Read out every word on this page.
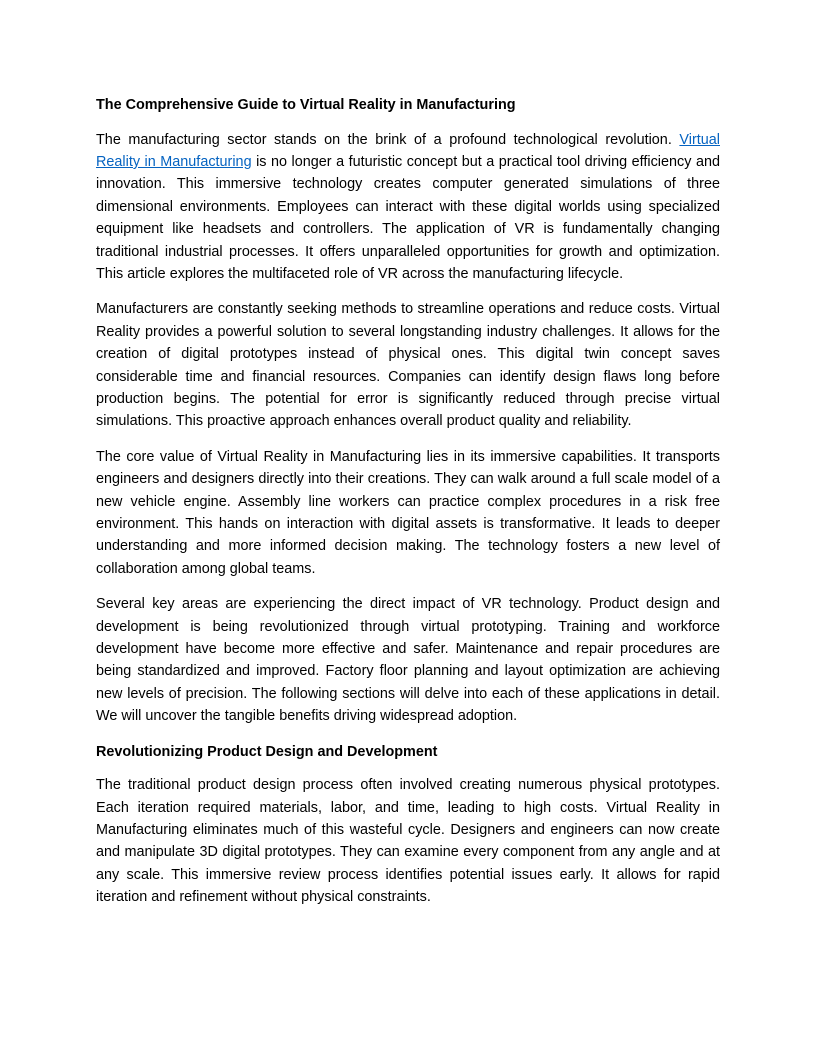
The Comprehensive Guide to Virtual Reality in Manufacturing

The manufacturing sector stands on the brink of a profound technological revolution. Virtual Reality in Manufacturing is no longer a futuristic concept but a practical tool driving efficiency and innovation. This immersive technology creates computer generated simulations of three dimensional environments. Employees can interact with these digital worlds using specialized equipment like headsets and controllers. The application of VR is fundamentally changing traditional industrial processes. It offers unparalleled opportunities for growth and optimization. This article explores the multifaceted role of VR across the manufacturing lifecycle.

Manufacturers are constantly seeking methods to streamline operations and reduce costs. Virtual Reality provides a powerful solution to several longstanding industry challenges. It allows for the creation of digital prototypes instead of physical ones. This digital twin concept saves considerable time and financial resources. Companies can identify design flaws long before production begins. The potential for error is significantly reduced through precise virtual simulations. This proactive approach enhances overall product quality and reliability.

The core value of Virtual Reality in Manufacturing lies in its immersive capabilities. It transports engineers and designers directly into their creations. They can walk around a full scale model of a new vehicle engine. Assembly line workers can practice complex procedures in a risk free environment. This hands on interaction with digital assets is transformative. It leads to deeper understanding and more informed decision making. The technology fosters a new level of collaboration among global teams.

Several key areas are experiencing the direct impact of VR technology. Product design and development is being revolutionized through virtual prototyping. Training and workforce development have become more effective and safer. Maintenance and repair procedures are being standardized and improved. Factory floor planning and layout optimization are achieving new levels of precision. The following sections will delve into each of these applications in detail. We will uncover the tangible benefits driving widespread adoption.

Revolutionizing Product Design and Development

The traditional product design process often involved creating numerous physical prototypes. Each iteration required materials, labor, and time, leading to high costs. Virtual Reality in Manufacturing eliminates much of this wasteful cycle. Designers and engineers can now create and manipulate 3D digital prototypes. They can examine every component from any angle and at any scale. This immersive review process identifies potential issues early. It allows for rapid iteration and refinement without physical constraints.
